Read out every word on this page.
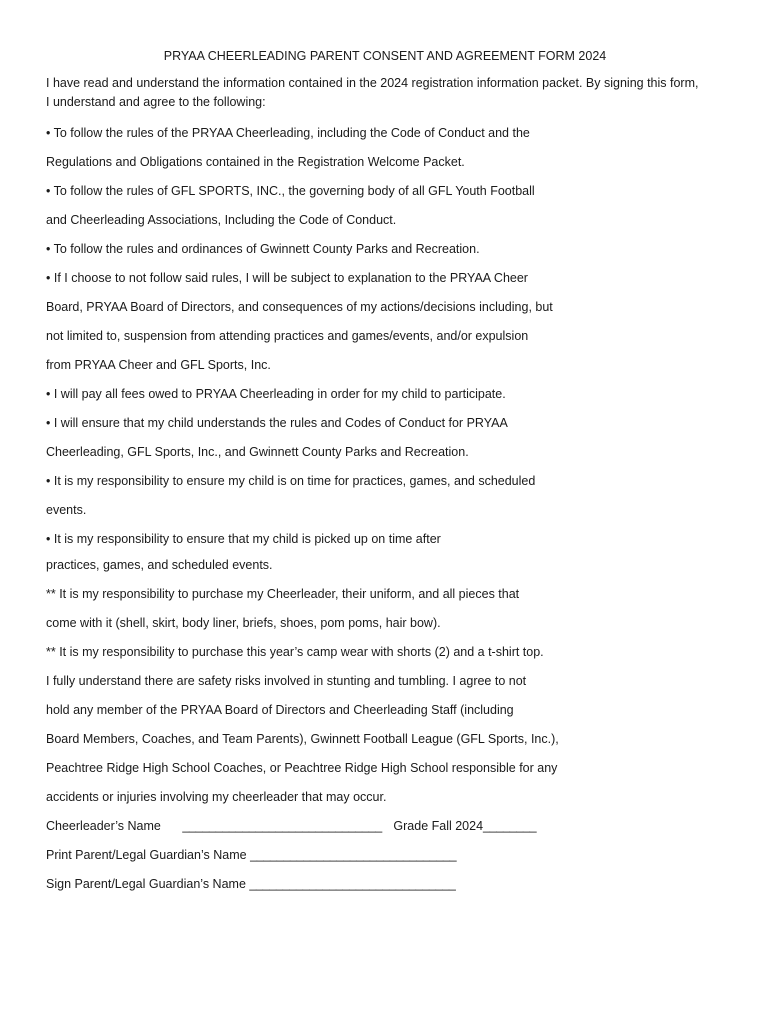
PRYAA CHEERLEADING PARENT CONSENT AND AGREEMENT FORM 2024
I have read and understand the information contained in the 2024 registration information packet. By signing this form,
I understand and agree to the following:
• To follow the rules of the PRYAA Cheerleading, including the Code of Conduct and the
Regulations and Obligations contained in the Registration Welcome Packet.
• To follow the rules of GFL SPORTS, INC., the governing body of all GFL Youth Football
and Cheerleading Associations, Including the Code of Conduct.
• To follow the rules and ordinances of Gwinnett County Parks and Recreation.
• If I choose to not follow said rules, I will be subject to explanation to the PRYAA Cheer
Board, PRYAA Board of Directors, and consequences of my actions/decisions including, but
not limited to, suspension from attending practices and games/events, and/or expulsion
from PRYAA Cheer and GFL Sports, Inc.
• I will pay all fees owed to PRYAA Cheerleading in order for my child to participate.
• I will ensure that my child understands the rules and Codes of Conduct for PRYAA
Cheerleading, GFL Sports, Inc., and Gwinnett County Parks and Recreation.
• It is my responsibility to ensure my child is on time for practices, games, and scheduled
events.
• It is my responsibility to ensure that my child is picked up on time after
practices, games, and scheduled events.
** It is my responsibility to purchase my Cheerleader, their uniform, and all pieces that
come with it (shell, skirt, body liner, briefs, shoes, pom poms, hair bow).
** It is my responsibility to purchase this year’s camp wear with shorts (2) and a t-shirt top.
I fully understand there are safety risks involved in stunting and tumbling. I agree to not
hold any member of the PRYAA Board of Directors and Cheerleading Staff (including
Board Members, Coaches, and Team Parents), Gwinnett Football League (GFL Sports, Inc.),
Peachtree Ridge High School Coaches, or Peachtree Ridge High School responsible for any
accidents or injuries involving my cheerleader that may occur.
Cheerleader’s Name ______________________________ Grade Fall 2024________
Print Parent/Legal Guardian’s Name _______________________________
Sign Parent/Legal Guardian’s Name _______________________________
